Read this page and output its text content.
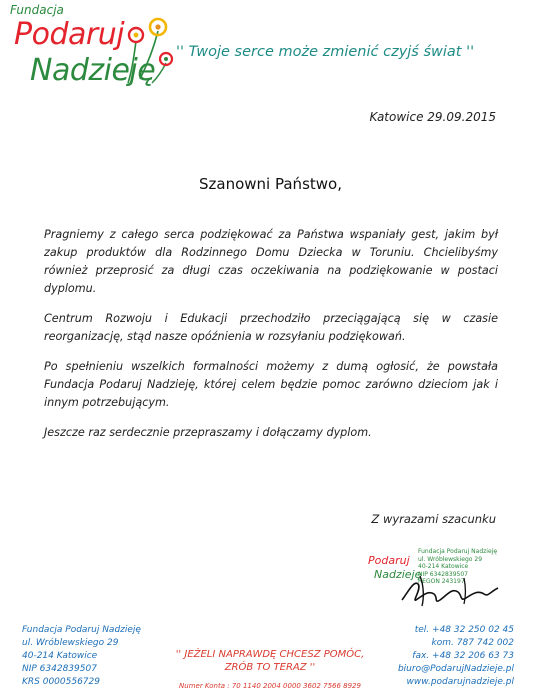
Fundacja
Podaruj
Nadzieję
'' Twoje serce może zmienić czyjś świat ''
Katowice 29.09.2015
Szanowni Państwo,

Pragniemy z całego serca podziękować za Państwa wspaniały gest, jakim był zakup produktów dla Rodzinnego Domu Dziecka w Toruniu. Chcielibyśmy również przeprosić za długi czas oczekiwania na podziękowanie w postaci dyplomu.

Centrum Rozwoju i Edukacji przechodziło przeciągającą się w czasie reorganizację, stąd nasze opóźnienia w rozsyłaniu podziękowań.

Po spełnieniu wszelkich formalności możemy z dumą ogłosić, że powstała Fundacja Podaruj Nadzieję, której celem będzie pomoc zarówno dzieciom jak i innym potrzebującym.

Jeszcze raz serdecznie przepraszamy i dołączamy dyplom.

Z wyrazami szacunku
Podaruj
Nadzieję
Fundacja Podaruj Nadzieję
ul. Wróblewskiego 29
40-214 Katowice
NIP 6342839507
REGON 243197
Fundacja Podaruj Nadzieję
ul. Wróblewskiego 29
40-214 Katowice
NIP 6342839507
KRS 0000556729
'' JEŻELI NAPRAWDĘ CHCESZ POMÓC,
ZRÓB TO TERAZ ''
Numer Konta : 70 1140 2004 0000 3602 7566 8929
tel. +48 32 250 02 45
kom. 787 742 002
fax. +48 32 206 63 73
biuro@PodarujNadzieje.pl
www.podarujnadzieje.pl
